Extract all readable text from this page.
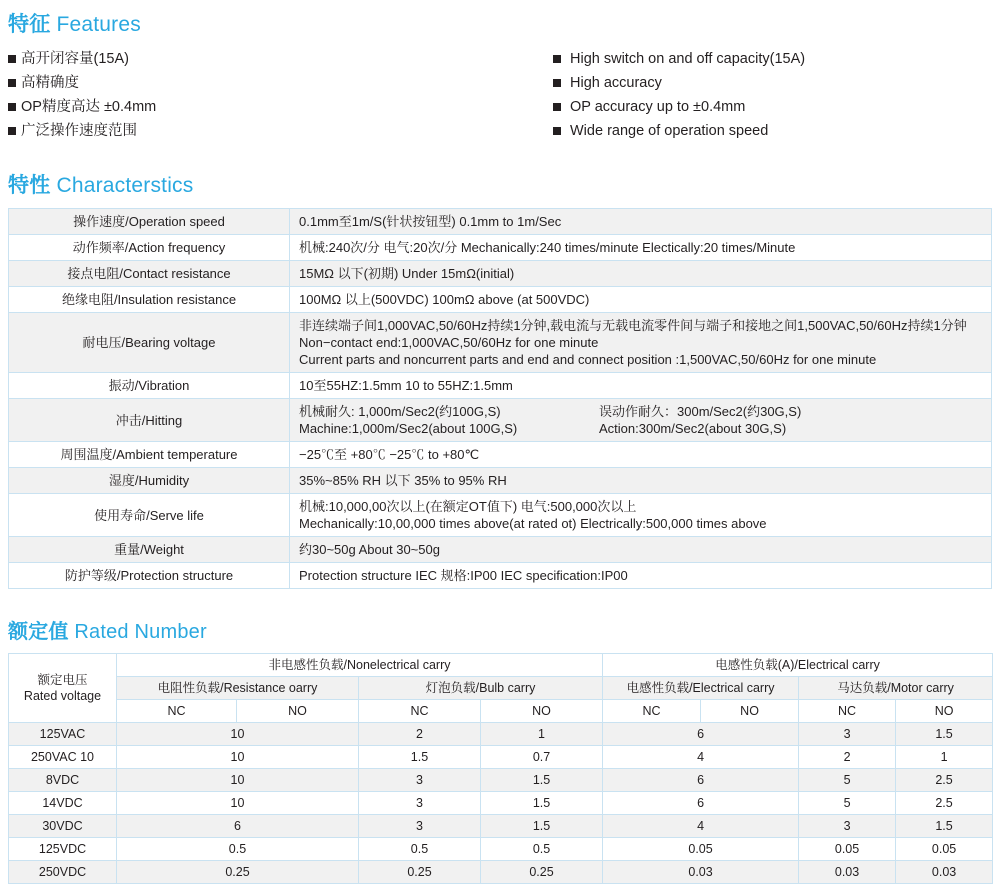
特征 Features
高开闭容量(15A)
高精确度
OP精度高达 ±0.4mm
广泛操作速度范围
High switch on and off capacity(15A)
High accuracy
OP accuracy up to ±0.4mm
Wide range of operation speed
特性 Characterstics
操作速度/Operation speed	0.1mm至1m/S(针状按钮型) 0.1mm to 1m/Sec

动作频率/Action frequency	机械:240次/分 电气:20次/分 Mechanically:240 times/minute Electically:20 times/Minute

接点电阻/Contact resistance	15MΩ 以下(初期) Under 15mΩ(initial)

绝缘电阻/Insulation resistance	100MΩ 以上(500VDC) 100mΩ above (at 500VDC)

耐电压/Bearing voltage	非连续端子间1,000VAC,50/60Hz持续1分钟,载电流与无载电流零件间与端子和接地之间1,500VAC,50/60Hz持续1分钟
Non−contact end:1,000VAC,50/60Hz for one minute
Current parts and noncurrent parts and end and connect position :1,500VAC,50/60Hz for one minute

振动/Vibration	10至55HZ:1.5mm 10 to 55HZ:1.5mm

冲击/Hitting	机械耐久: 1,000m/Sec2(约100G,S) 误动作耐久：300m/Sec2(约30G,S)
Machine:1,000m/Sec2(about 100G,S) Action:300m/Sec2(about 30G,S)

周围温度/Ambient temperature	−25℃至 +80℃ −25℃ to +80℃

湿度/Humidity	35%~85% RH 以下 35% to 95% RH

使用寿命/Serve life	机械:10,000,00次以上(在额定OT值下) 电气:500,000次以上
Mechanically:10,00,000 times above(at rated ot) Electrically:500,000 times above

重量/Weight	约30~50g About 30~50g

防护等级/Protection structure	Protection structure IEC 规格:IP00 IEC specification:IP00
额定值 Rated Number
额定电压
Rated voltage	非电感性负载/Nonelectrical carry				电感性负载(A)/Electrical carry			
	电阻性负载/Resistance oarry		灯泡负载/Bulb carry		电感性负载/Electrical carry		马达负载/Motor carry	
	NC	NO	NC	NO	NC	NO	NC	NO
125VAC	10		2	1	6		3	1.5
250VAC 10	10		1.5	0.7	4		2	1
8VDC	10		3	1.5	6		5	2.5
14VDC	10		3	1.5	6		5	2.5
30VDC	6		3	1.5	4		3	1.5
125VDC	0.5		0.5	0.5	0.05		0.05	0.05
250VDC	0.25		0.25	0.25	0.03		0.03	0.03
